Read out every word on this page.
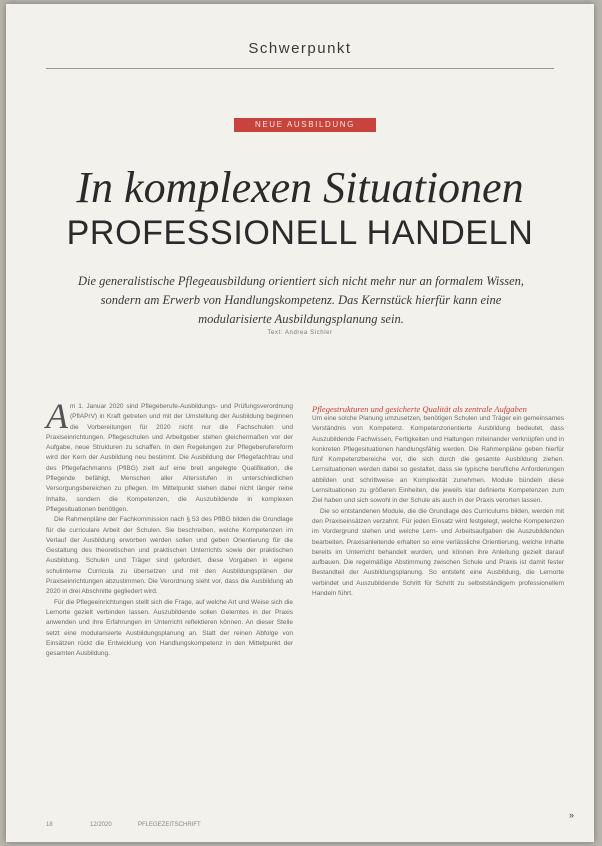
Schwerpunkt
NEUE AUSBILDUNG
In komplexen Situationen
PROFESSIONELL HANDELN
Die generalistische Pflegeausbildung orientiert sich nicht mehr nur an formalem Wissen, sondern am Erwerb von Handlungskompetenz. Das Kernstück hierfür kann eine modularisierte Ausbildungsplanung sein.
Text: Andrea Sichler

Am 1. Januar 2020 sind Pflegeberufe-Ausbildungs- und Prüfungsverordnung (PflAPrV) in Kraft getreten und mit der Umstellung der Ausbildung beginnen die Vorbereitungen für 2020 nicht nur die Fachschulen und Praxiseinrichtungen. Pflegeschulen und Arbeitgeber stehen gleichermaßen vor der Aufgabe, neue Strukturen zu schaffen. In den Regelungen zur Pflegeberufereform wird der Kern der Ausbildung neu bestimmt. Die Ausbildung der Pflegefachfrau und des Pflegefachmanns (PflBG) zielt auf eine breit angelegte Qualifikation, die Pflegende befähigt, Menschen aller Altersstufen in unterschiedlichen Versorgungsbereichen zu pflegen. Im Mittelpunkt stehen dabei nicht länger reine Inhalte, sondern die Kompetenzen, die Auszubildende in komplexen Pflegesituationen benötigen.

Die Rahmenpläne der Fachkommission nach § 53 des PflBG bilden die Grundlage für die curriculare Arbeit der Schulen. Sie beschreiben, welche Kompetenzen im Verlauf der Ausbildung erworben werden sollen und geben Orientierung für die Gestaltung des theoretischen und praktischen Unterrichts sowie der praktischen Ausbildung. Schulen und Träger sind gefordert, diese Vorgaben in eigene schulinterne Curricula zu übersetzen und mit den Ausbildungsplänen der Praxiseinrichtungen abzustimmen. Die Verordnung sieht vor, dass die Ausbildung ab 2020 in drei Abschnitte gegliedert wird.

Für die Pflegeeinrichtungen stellt sich die Frage, auf welche Art und Weise sich die Lernorte gezielt verbinden lassen. Auszubildende sollen Gelerntes in der Praxis anwenden und ihre Erfahrungen im Unterricht reflektieren können. An dieser Stelle setzt eine modularisierte Ausbildungsplanung an. Statt der reinen Abfolge von Einsätzen rückt die Entwicklung von Handlungskompetenz in den Mittelpunkt der gesamten Ausbildung.

Pflegestrukturen und gesicherte Qualität als zentrale Aufgaben

Um eine solche Planung umzusetzen, benötigen Schulen und Träger ein gemeinsames Verständnis von Kompetenz. Kompetenzorientierte Ausbildung bedeutet, dass Auszubildende Fachwissen, Fertigkeiten und Haltungen miteinander verknüpfen und in konkreten Pflegesituationen handlungsfähig werden. Die Rahmenpläne geben hierfür fünf Kompetenzbereiche vor, die sich durch die gesamte Ausbildung ziehen. Lernsituationen werden dabei so gestaltet, dass sie typische berufliche Anforderungen abbilden und schrittweise an Komplexität zunehmen. Module bündeln diese Lernsituationen zu größeren Einheiten, die jeweils klar definierte Kompetenzen zum Ziel haben und sich sowohl in der Schule als auch in der Praxis verorten lassen.

Die so entstandenen Module, die die Grundlage des Curriculums bilden, werden mit den Praxiseinsätzen verzahnt. Für jeden Einsatz wird festgelegt, welche Kompetenzen im Vordergrund stehen und welche Lern- und Arbeitsaufgaben die Auszubildenden bearbeiten. Praxisanleitende erhalten so eine verlässliche Orientierung, welche Inhalte bereits im Unterricht behandelt wurden, und können ihre Anleitung gezielt darauf aufbauen. Die regelmäßige Abstimmung zwischen Schule und Praxis ist damit fester Bestandteil der Ausbildungsplanung. So entsteht eine Ausbildung, die Lernorte verbindet und Auszubildende Schritt für Schritt zu selbstständigem professionellem Handeln führt.

»
18	12/2020	PFLEGEZEITSCHRIFT
